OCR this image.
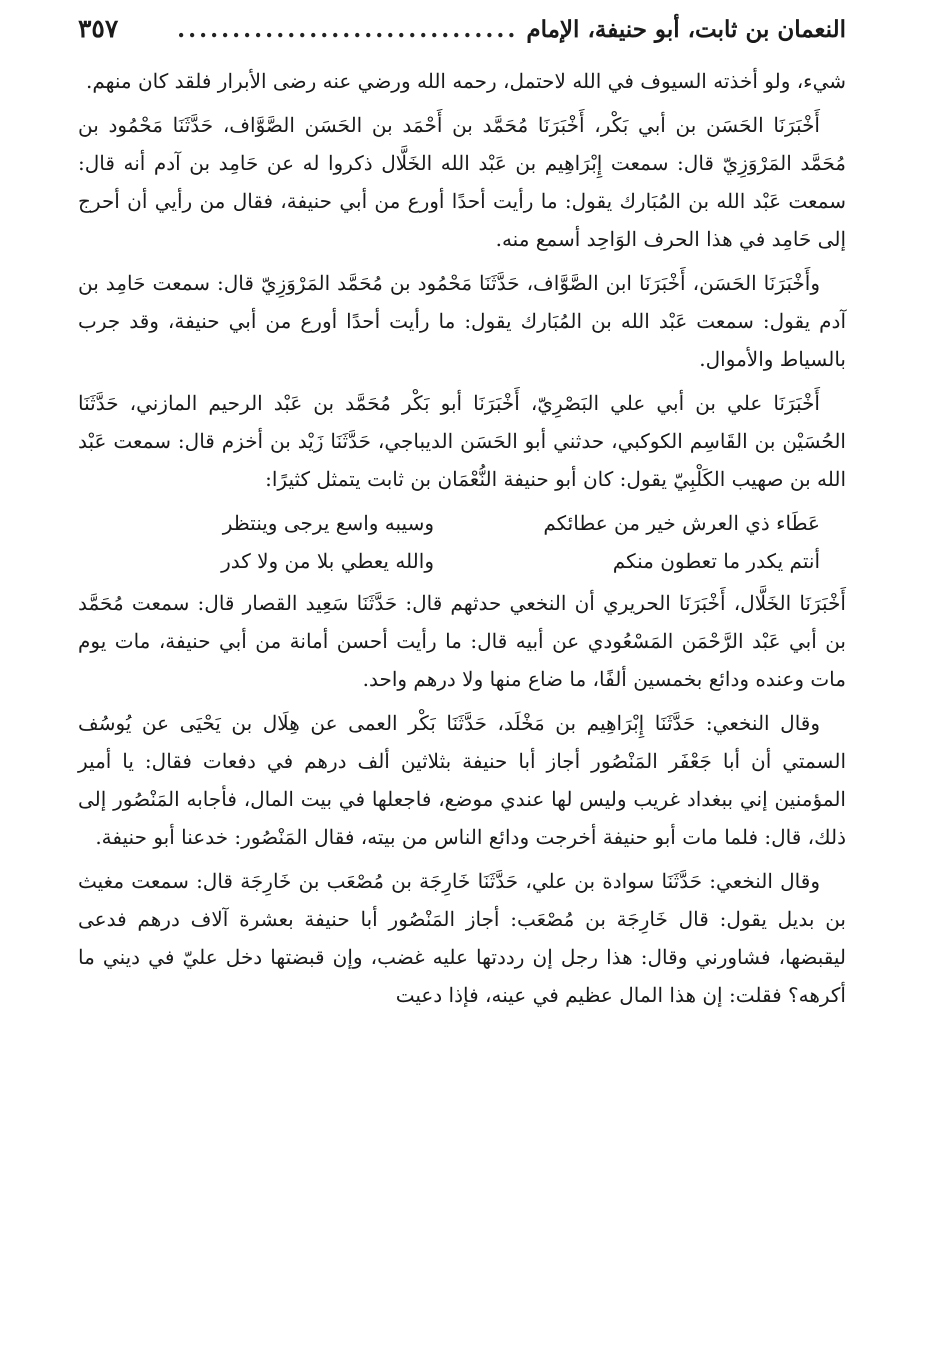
النعمان بن ثابت، أبو حنيفة، الإمام
...............................
٣٥٧

شيء، ولو أخذته السيوف في الله لاحتمل، رحمه الله ورضي عنه رضى الأبرار فلقد كان منهم.

أَخْبَرَنَا الحَسَن بن أبي بَكْر، أَخْبَرَنَا مُحَمَّد بن أَحْمَد بن الحَسَن الصَّوَّاف، حَدَّثَنَا مَحْمُود بن مُحَمَّد المَرْوَزِيّ قال: سمعت إِبْرَاهِيم بن عَبْد الله الخَلَّال ذكروا له عن حَامِد بن آدم أنه قال: سمعت عَبْد الله بن المُبَارك يقول: ما رأيت أحدًا أورع من أبي حنيفة، فقال من رأيي أن أحرج إلى حَامِد في هذا الحرف الوَاحِد أسمع منه.

وأَخْبَرَنَا الحَسَن، أَخْبَرَنَا ابن الصَّوَّاف، حَدَّثَنَا مَحْمُود بن مُحَمَّد المَرْوَزِيّ قال: سمعت حَامِد بن آدم يقول: سمعت عَبْد الله بن المُبَارك يقول: ما رأيت أحدًا أورع من أبي حنيفة، وقد جرب بالسياط والأموال.

أَخْبَرَنَا علي بن أبي علي البَصْرِيّ، أَخْبَرَنَا أبو بَكْر مُحَمَّد بن عَبْد الرحيم المازني، حَدَّثَنَا الحُسَيْن بن القَاسِم الكوكبي، حدثني أبو الحَسَن الديباجي، حَدَّثَنَا زَيْد بن أخزم قال: سمعت عَبْد الله بن صهيب الكَلْبِيّ يقول: كان أبو حنيفة النُّعْمَان بن ثابت يتمثل كثيرًا:

عَطَاء ذي العرش خير من عطائكم
وسيبه واسع يرجى وينتظر
أنتم يكدر ما تعطون منكم
والله يعطي بلا من ولا كدر

أَخْبَرَنَا الخَلَّال، أَخْبَرَنَا الحريري أن النخعي حدثهم قال: حَدَّثَنَا سَعِيد القصار قال: سمعت مُحَمَّد بن أبي عَبْد الرَّحْمَن المَسْعُودي عن أبيه قال: ما رأيت أحسن أمانة من أبي حنيفة، مات يوم مات وعنده ودائع بخمسين ألفًا، ما ضاع منها ولا درهم واحد.

وقال النخعي: حَدَّثَنَا إِبْرَاهِيم بن مَخْلَد، حَدَّثَنَا بَكْر العمى عن هِلَال بن يَحْيَى عن يُوسُف السمتي أن أبا جَعْفَر المَنْصُور أجاز أبا حنيفة بثلاثين ألف درهم في دفعات فقال: يا أمير المؤمنين إني ببغداد غريب وليس لها عندي موضع، فاجعلها في بيت المال، فأجابه المَنْصُور إلى ذلك، قال: فلما مات أبو حنيفة أخرجت ودائع الناس من بيته، فقال المَنْصُور: خدعنا أبو حنيفة.

وقال النخعي: حَدَّثَنَا سوادة بن علي، حَدَّثَنَا خَارِجَة بن مُصْعَب بن خَارِجَة قال: سمعت مغيث بن بديل يقول: قال خَارِجَة بن مُصْعَب: أجاز المَنْصُور أبا حنيفة بعشرة آلاف درهم فدعى ليقبضها، فشاورني وقال: هذا رجل إن رددتها عليه غضب، وإن قبضتها دخل عليّ في ديني ما أكرهه؟ فقلت: إن هذا المال عظيم في عينه، فإذا دعيت
